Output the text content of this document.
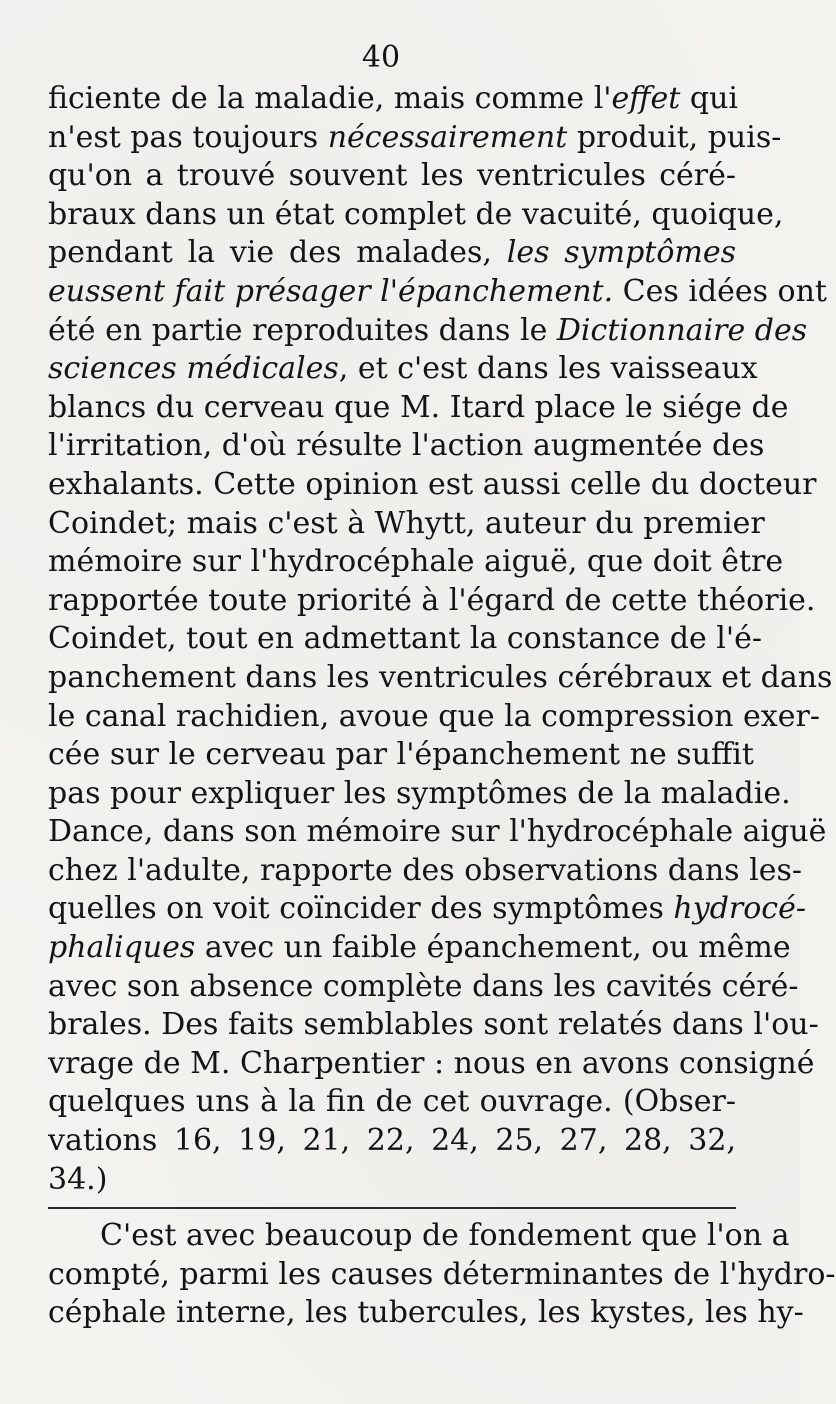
40
ficiente de la maladie, mais comme l'effet qui
n'est pas toujours nécessairement produit, puis-
qu'on a trouvé souvent les ventricules céré-
braux dans un état complet de vacuité, quoique,
pendant la vie des malades, les symptômes
eussent fait présager l'épanchement. Ces idées ont
été en partie reproduites dans le Dictionnaire des
sciences médicales, et c'est dans les vaisseaux
blancs du cerveau que M. Itard place le siége de
l'irritation, d'où résulte l'action augmentée des
exhalants. Cette opinion est aussi celle du docteur
Coindet; mais c'est à Whytt, auteur du premier
mémoire sur l'hydrocéphale aiguë, que doit être
rapportée toute priorité à l'égard de cette théorie.
Coindet, tout en admettant la constance de l'é-
panchement dans les ventricules cérébraux et dans
le canal rachidien, avoue que la compression exer-
cée sur le cerveau par l'épanchement ne suffit
pas pour expliquer les symptômes de la maladie.
Dance, dans son mémoire sur l'hydrocéphale aiguë
chez l'adulte, rapporte des observations dans les-
quelles on voit coïncider des symptômes hydrocé-
phaliques avec un faible épanchement, ou même
avec son absence complète dans les cavités céré-
brales. Des faits semblables sont relatés dans l'ou-
vrage de M. Charpentier : nous en avons consigné
quelques uns à la fin de cet ouvrage. (Obser-
vations 16, 19, 21, 22, 24, 25, 27, 28, 32,
34.)
C'est avec beaucoup de fondement que l'on a
compté, parmi les causes déterminantes de l'hydro-
céphale interne, les tubercules, les kystes, les hy-
